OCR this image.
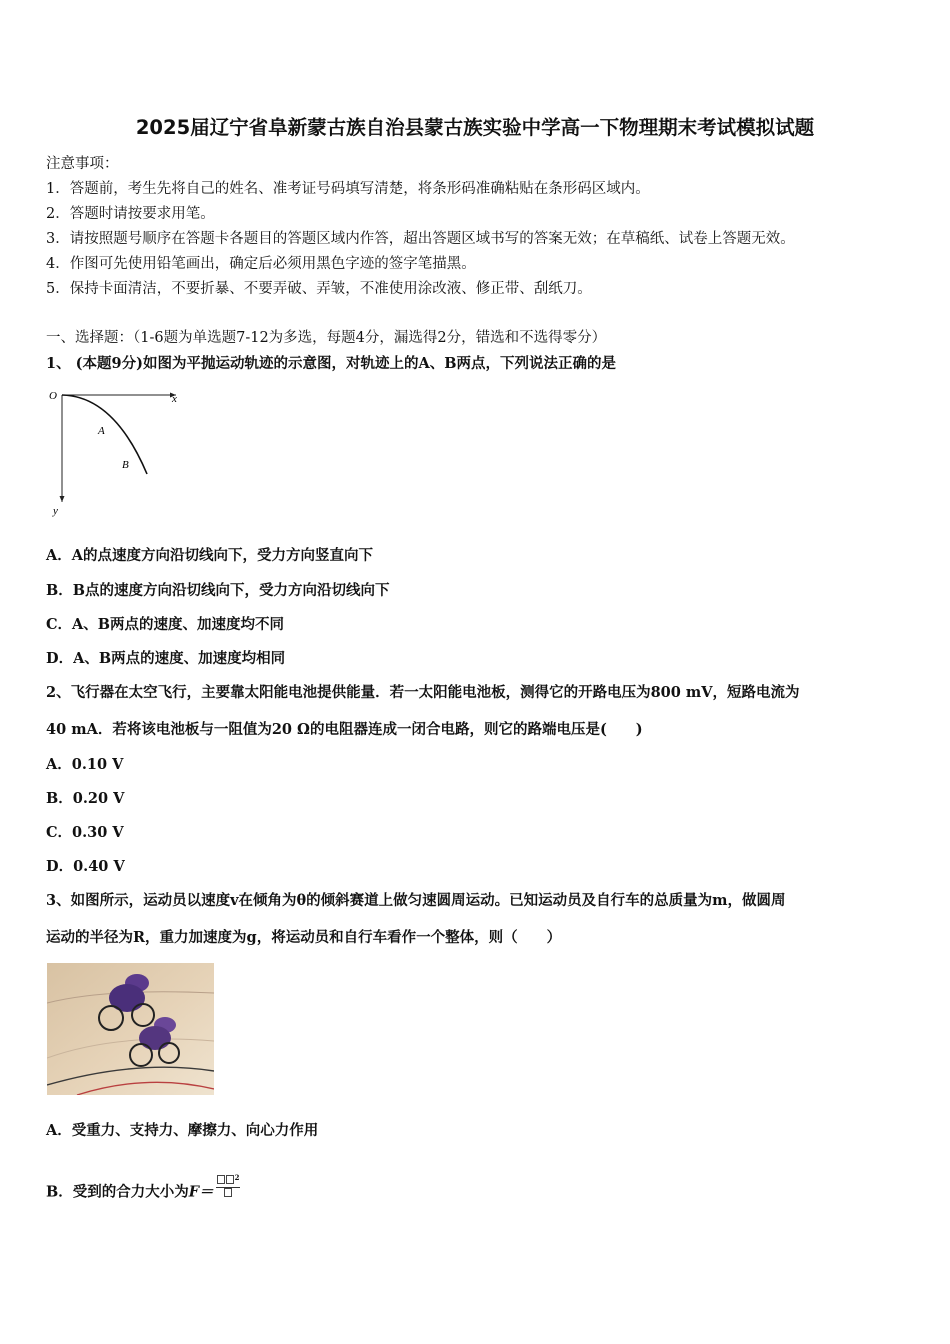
2025届辽宁省阜新蒙古族自治县蒙古族实验中学高一下物理期末考试模拟试题
注意事项：
1．答题前，考生先将自己的姓名、准考证号码填写清楚，将条形码准确粘贴在条形码区域内。
2．答题时请按要求用笔。
3．请按照题号顺序在答题卡各题目的答题区域内作答，超出答题区域书写的答案无效；在草稿纸、试卷上答题无效。
4．作图可先使用铅笔画出，确定后必须用黑色字迹的签字笔描黑。
5．保持卡面清洁，不要折暴、不要弄破、弄皱，不准使用涂改液、修正带、刮纸刀。
一、选择题：（1-6题为单选题7-12为多选，每题4分，漏选得2分，错选和不选得零分）
1、 (本题9分)如图为平抛运动轨迹的示意图，对轨迹上的A、B两点，下列说法正确的是
O	x
y
A
B
A．A的点速度方向沿切线向下，受力方向竖直向下
B．B点的速度方向沿切线向下，受力方向沿切线向下
C．A、B两点的速度、加速度均不同
D．A、B两点的速度、加速度均相同
2、飞行器在太空飞行，主要靠太阳能电池提供能量．若一太阳能电池板，测得它的开路电压为800 mV，短路电流为
40 mA．若将该电池板与一阻值为20 Ω的电阻器连成一闭合电路，则它的路端电压是(　　)
A．0.10 V
B．0.20 V
C．0.30 V
D．0.40 V
3、如图所示，运动员以速度v在倾角为θ的倾斜赛道上做匀速圆周运动。已知运动员及自行车的总质量为m，做圆周
运动的半径为R，重力加速度为g，将运动员和自行车看作一个整体，则（　　）
A．受重力、支持力、摩擦力、向心力作用
B．受到的合力大小为F＝
$^2$
